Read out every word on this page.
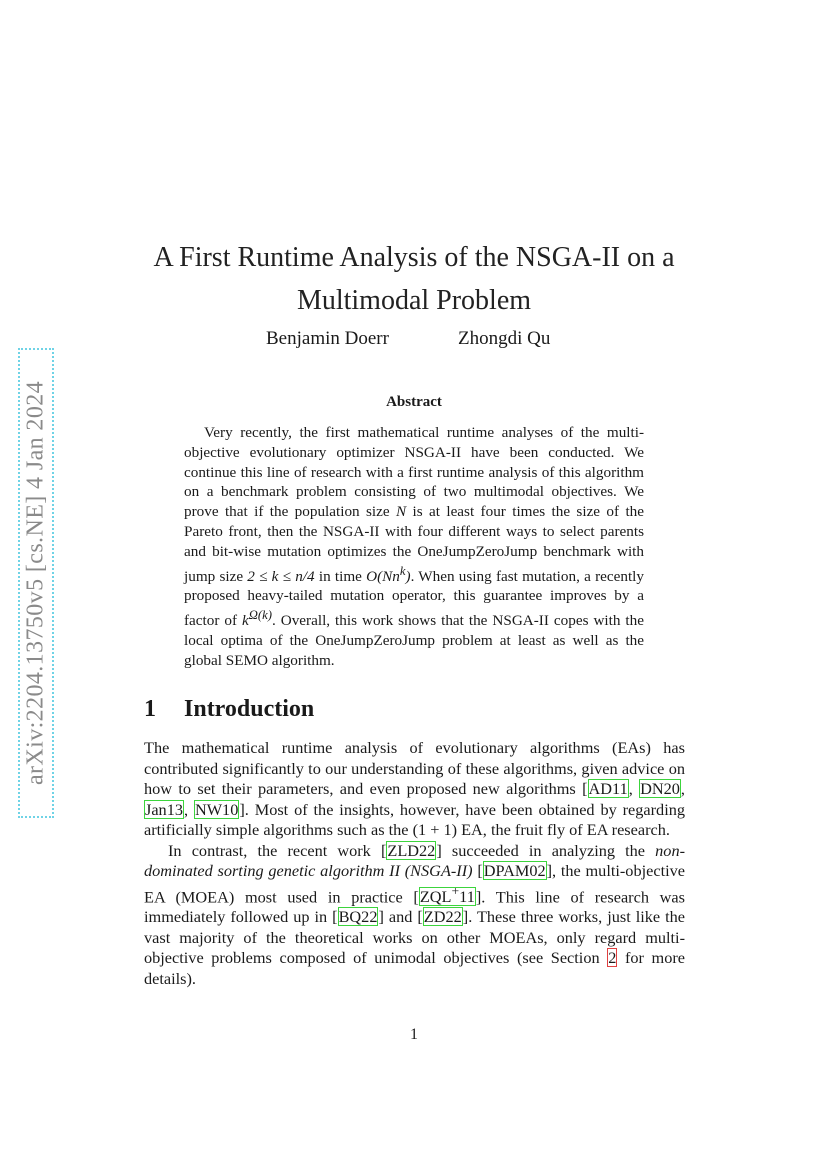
arXiv:2204.13750v5 [cs.NE] 4 Jan 2024
A First Runtime Analysis of the NSGA-II on a
Multimodal Problem
Benjamin Doerr	Zhongdi Qu
Abstract
Very recently, the first mathematical runtime analyses of the multi-objective evolutionary optimizer NSGA-II have been conducted. We continue this line of research with a first runtime analysis of this algorithm on a benchmark problem consisting of two multimodal objectives. We prove that if the population size N is at least four times the size of the Pareto front, then the NSGA-II with four different ways to select parents and bit-wise mutation optimizes the OneJumpZeroJump benchmark with jump size 2 ≤ k ≤ n/4 in time O(Nn$^k$). When using fast mutation, a recently proposed heavy-tailed mutation operator, this guarantee improves by a factor of $k^{\Omega(k)}$. Overall, this work shows that the NSGA-II copes with the local optima of the OneJumpZeroJump problem at least as well as the global SEMO algorithm.
1 Introduction

The mathematical runtime analysis of evolutionary algorithms (EAs) has contributed significantly to our understanding of these algorithms, given advice on how to set their parameters, and even proposed new algorithms [AD11, DN20, Jan13, NW10]. Most of the insights, however, have been obtained by regarding artificially simple algorithms such as the (1 + 1) EA, the fruit fly of EA research.

In contrast, the recent work [ZLD22] succeeded in analyzing the non-dominated sorting genetic algorithm II (NSGA-II) [DPAM02], the multi-objective EA (MOEA) most used in practice [ZQL+11]. This line of research was immediately followed up in [BQ22] and [ZD22]. These three works, just like the vast majority of the theoretical works on other MOEAs, only regard multi-objective problems composed of unimodal objectives (see Section 2 for more details).

1
